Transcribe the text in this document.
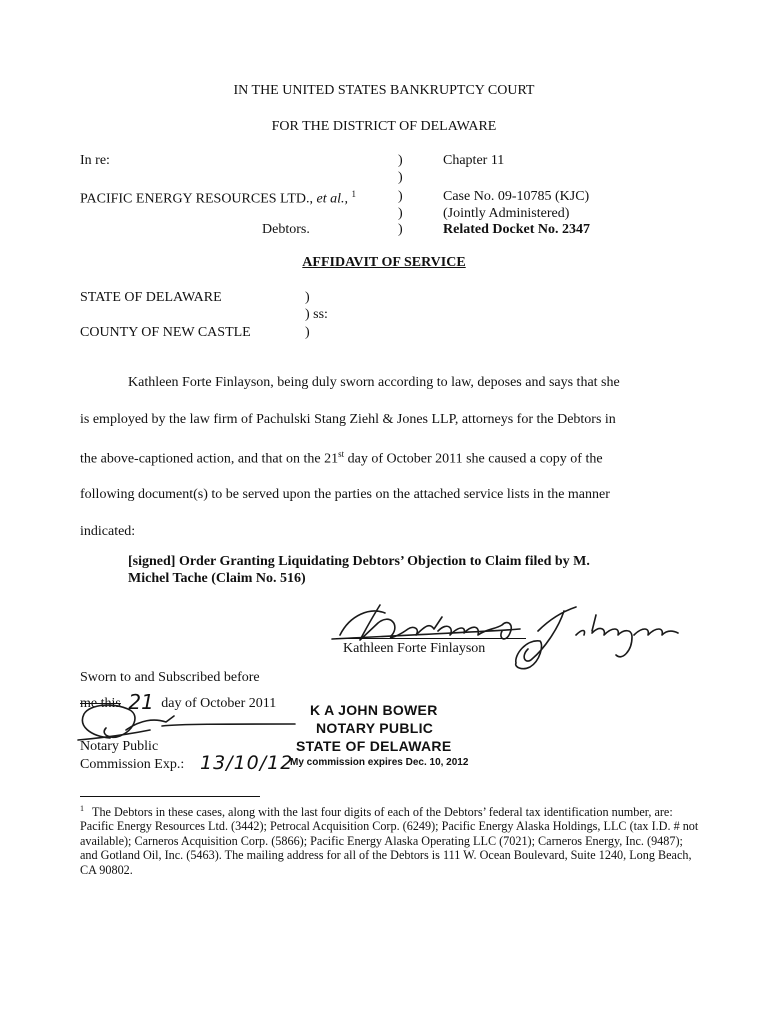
IN THE UNITED STATES BANKRUPTCY COURT
FOR THE DISTRICT OF DELAWARE
In re:
PACIFIC ENERGY RESOURCES LTD., et al., $^1$
Debtors.
)
)
)
)
)
Chapter 11
Case No. 09-10785 (KJC)
(Jointly Administered)
Related Docket No. 2347
AFFIDAVIT OF SERVICE
STATE OF DELAWARE
COUNTY OF NEW CASTLE
)
) ss:
)
Kathleen Forte Finlayson, being duly sworn according to law, deposes and says that she
is employed by the law firm of Pachulski Stang Ziehl & Jones LLP, attorneys for the Debtors in
the above-captioned action, and that on the 21st day of October 2011 she caused a copy of the
following document(s) to be served upon the parties on the attached service lists in the manner
indicated:
[signed] Order Granting Liquidating Debtors’ Objection to Claim filed by M.
Michel Tache (Claim No. 516)
Kathleen Forte Finlayson
Sworn to and Subscribed before
me this 21 day of October 2011
Notary Public
Commission Exp.: 13/10/12
K A JOHN BOWER
NOTARY PUBLIC
STATE OF DELAWARE
My commission expires Dec. 10, 2012
$^1$ The Debtors in these cases, along with the last four digits of each of the Debtors’ federal tax identification number, are: Pacific Energy Resources Ltd. (3442); Petrocal Acquisition Corp. (6249); Pacific Energy Alaska Holdings, LLC (tax I.D. # not available); Carneros Acquisition Corp. (5866); Pacific Energy Alaska Operating LLC (7021); Carneros Energy, Inc. (9487); and Gotland Oil, Inc. (5463). The mailing address for all of the Debtors is 111 W. Ocean Boulevard, Suite 1240, Long Beach, CA 90802.
